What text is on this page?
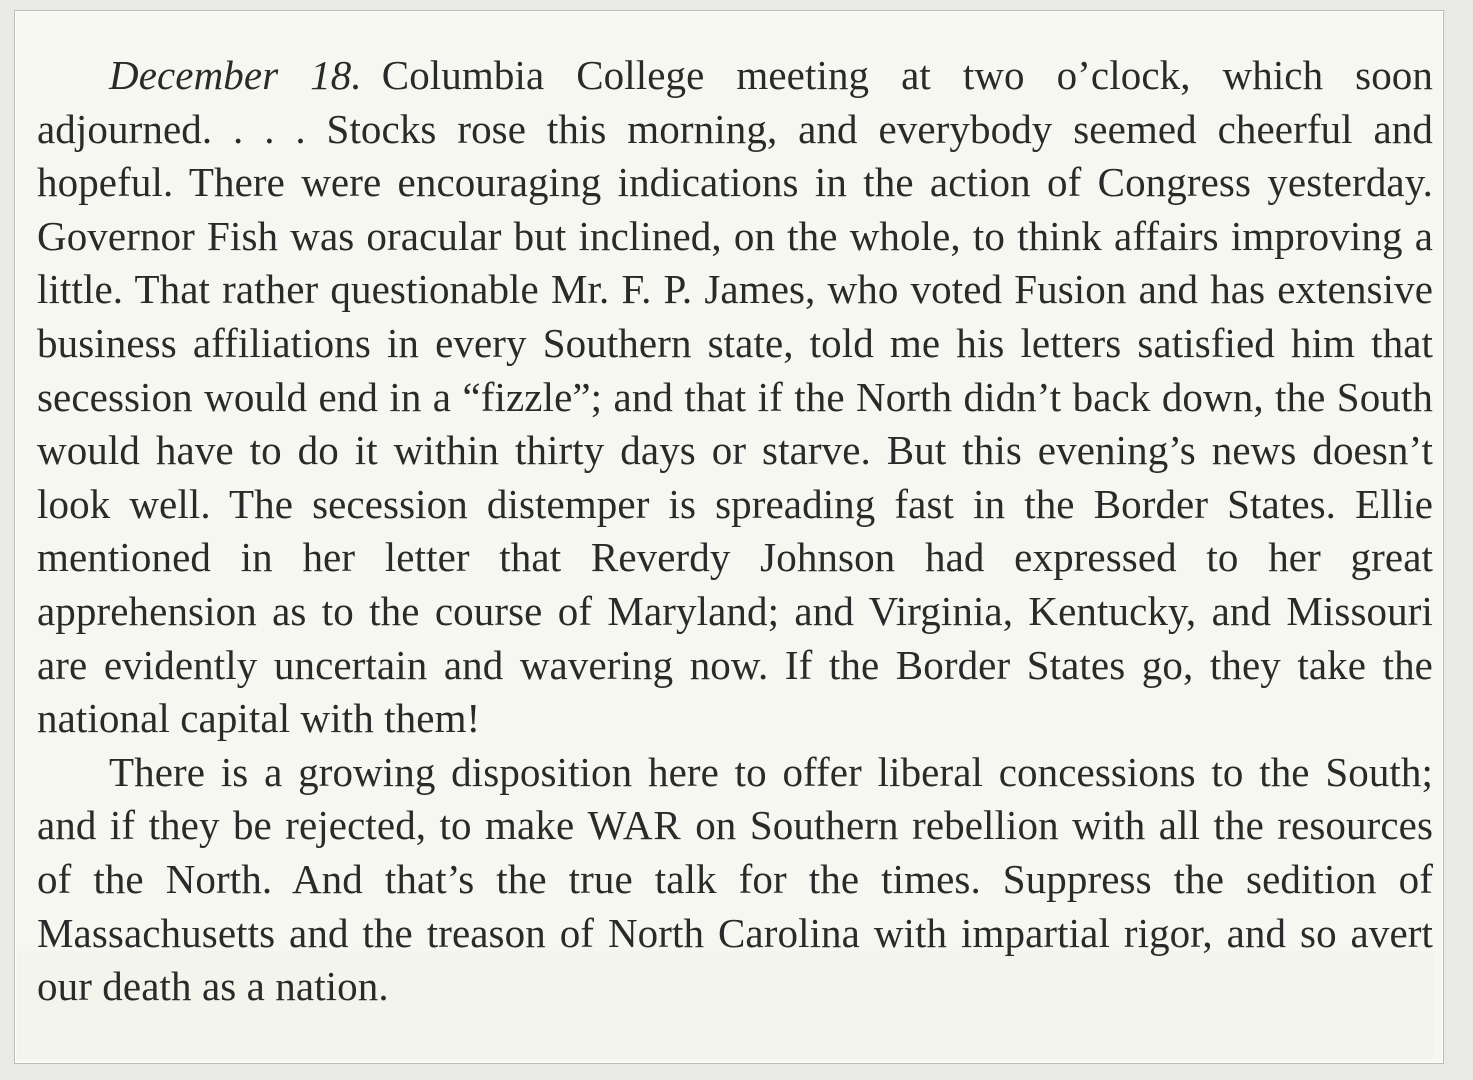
December 18. Columbia College meeting at two o’clock, which soon adjourned. . . . Stocks rose this morning, and everybody seemed cheerful and hopeful. There were encouraging indications in the action of Congress yesterday. Governor Fish was oracular but inclined, on the whole, to think affairs improving a little. That rather questionable Mr. F. P. James, who voted Fusion and has extensive business affiliations in every Southern state, told me his letters satisfied him that secession would end in a “fizzle”; and that if the North didn’t back down, the South would have to do it within thirty days or starve. But this evening’s news doesn’t look well. The secession distemper is spreading fast in the Border States. Ellie mentioned in her letter that Reverdy Johnson had expressed to her great apprehension as to the course of Maryland; and Virginia, Kentucky, and Missouri are evidently uncertain and wavering now. If the Border States go, they take the national capital with them!

There is a growing disposition here to offer liberal concessions to the South; and if they be rejected, to make WAR on Southern rebellion with all the resources of the North. And that’s the true talk for the times. Suppress the sedition of Massachusetts and the treason of North Carolina with impartial rigor, and so avert our death as a nation.
